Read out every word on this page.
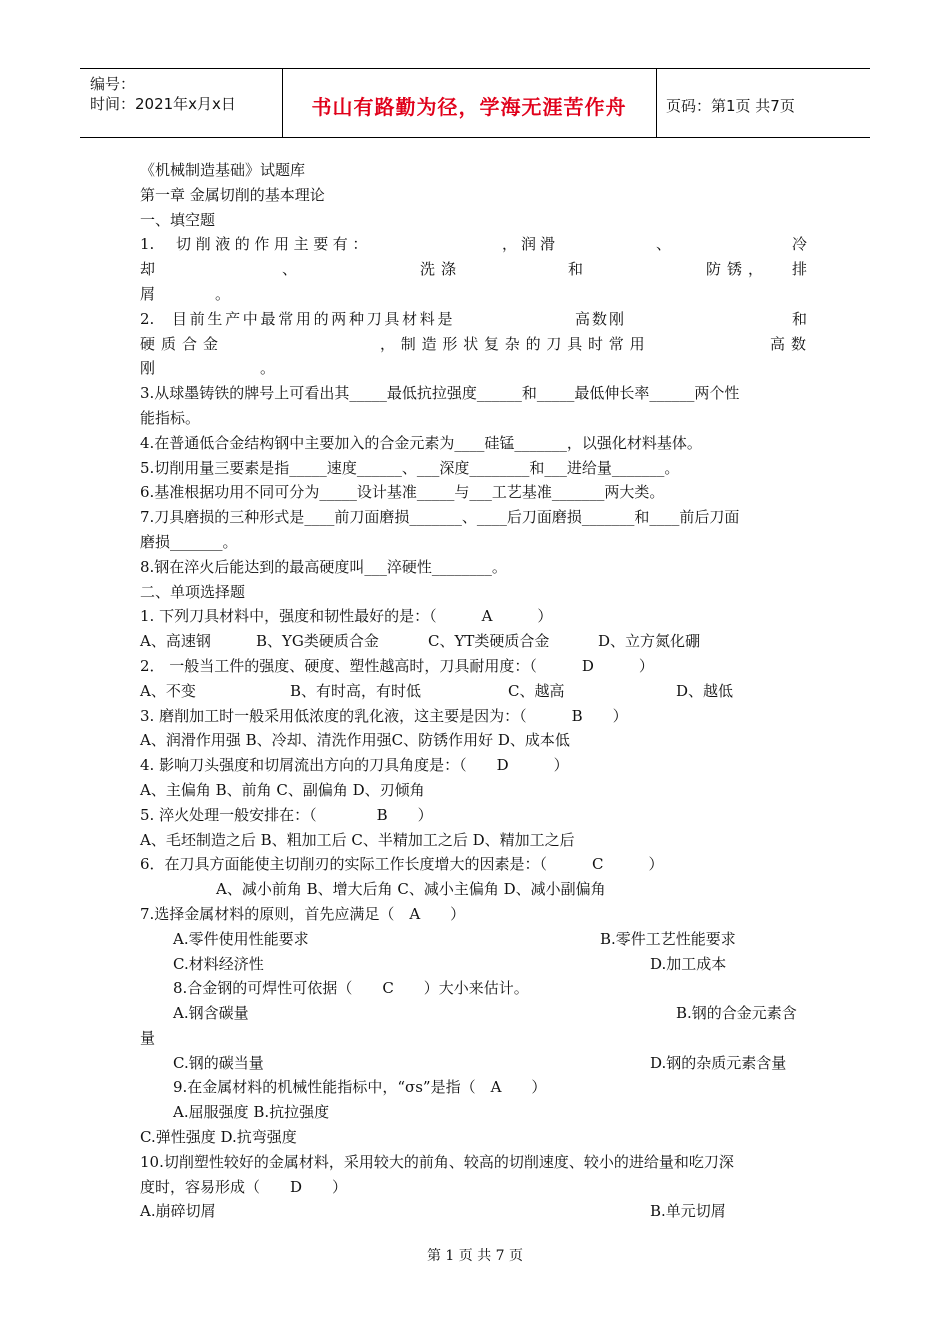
编号：
时间：2021年x月x日	书山有路勤为径，学海无涯苦作舟	页码：第1页 共7页
《机械制造基础》试题库
第一章 金属切削的基本理论
一、填空题
1. 切削液的作用主要有：	，润滑	、	冷
却	、	洗涤	和	防锈， 排
屑　　　　。
2. 目前生产中最常用的两种刀具材料是	高数刚	和
硬质合金	，制造形状复杂的刀具时常用	高数
刚　　　　　　　。
3.从球墨铸铁的牌号上可看出其_____最低抗拉强度______和_____最低伸长率______两个性
能指标。
4.在普通低合金结构钢中主要加入的合金元素为____硅锰_______，以强化材料基体。
5.切削用量三要素是指_____速度______、___深度________和___进给量_______。
6.基准根据功用不同可分为_____设计基准_____与___工艺基准_______两大类。
7.刀具磨损的三种形式是____前刀面磨损_______、____后刀面磨损_______和____前后刀面
磨损_______。
8.钢在淬火后能达到的最高硬度叫___淬硬性________。
二、单项选择题
1. 下列刀具材料中，强度和韧性最好的是：（　　　A　　　）
A、高速钢	B、YG类硬质合金	C、YT类硬质合金	D、立方氮化硼
2． 一般当工件的强度、硬度、塑性越高时，刀具耐用度：（　　　D　　　）
A、不变	B、有时高，有时低	C、越高	D、越低
3. 磨削加工时一般采用低浓度的乳化液，这主要是因为：（　　　B　　）
A、润滑作用强 B、冷却、清洗作用强C、防锈作用好 D、成本低
4. 影响刀头强度和切屑流出方向的刀具角度是：（　　D　　　）
A、主偏角 B、前角 C、副偏角 D、刃倾角
5. 淬火处理一般安排在：（　　　　B　　）
A、毛坯制造之后 B、粗加工后 C、半精加工之后 D、精加工之后
6．在刀具方面能使主切削刃的实际工作长度增大的因素是：（　　　C　　　）
A、减小前角 B、增大后角 C、减小主偏角 D、减小副偏角
7.选择金属材料的原则，首先应满足（　A　　）
A.零件使用性能要求	B.零件工艺性能要求
C.材料经济性	D.加工成本
8.合金钢的可焊性可依据（　　C　　）大小来估计。
A.钢含碳量	B.钢的合金元素含
量
C.钢的碳当量	D.钢的杂质元素含量
9.在金属材料的机械性能指标中，“σs”是指（　A　　）
A.屈服强度 B.抗拉强度
C.弹性强度 D.抗弯强度
10.切削塑性较好的金属材料，采用较大的前角、较高的切削速度、较小的进给量和吃刀深
度时，容易形成（　　D　　）
A.崩碎切屑	B.单元切屑
第 1 页 共 7 页
